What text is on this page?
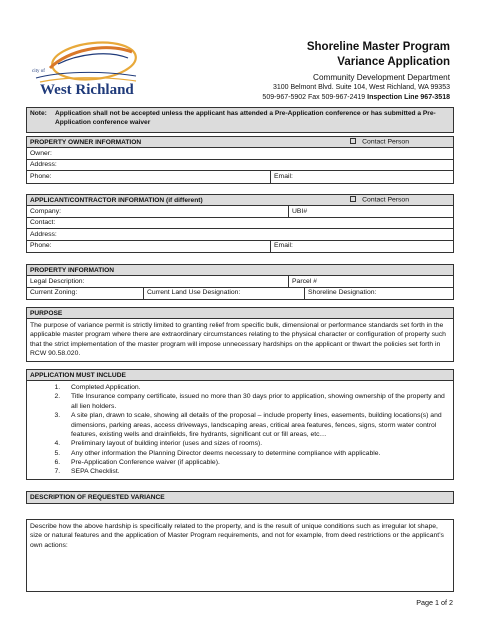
city of
West Richland
Shoreline Master Program
Variance Application
Community Development Department
3100 Belmont Blvd. Suite 104, West Richland, WA 99353
509-967-5902 Fax 509-967-2419 Inspection Line 967-3518
Note: Application shall not be accepted unless the applicant has attended a Pre-Application conference or has submitted a Pre-Application conference waiver
PROPERTY OWNER INFORMATION	Contact Person
Owner:
Address:
Phone:	Email:
APPLICANT/CONTRACTOR INFORMATION (if different)	Contact Person
Company:	UBI#
Contact:
Address:
Phone:	Email:
PROPERTY INFORMATION
Legal Description:	Parcel #
Current Zoning:	Current Land Use Designation:	Shoreline Designation:
PURPOSE
The purpose of variance permit is strictly limited to granting relief from specific bulk, dimensional or performance standards set forth in the applicable master program where there are extraordinary circumstances relating to the physical character or configuration of property such that the strict implementation of the master program will impose unnecessary hardships on the applicant or thwart the policies set forth in RCW 90.58.020.
APPLICATION MUST INCLUDE
1. Completed Application.
2. Title Insurance company certificate, issued no more than 30 days prior to application, showing ownership of the property and all lien holders.
3. A site plan, drawn to scale, showing all details of the proposal – include property lines, easements, building locations(s) and dimensions, parking areas, access driveways, landscaping areas, critical area features, fences, signs, storm water control features, existing wells and drainfields, fire hydrants, significant cut or fill areas, etc…
4. Preliminary layout of building interior (uses and sizes of rooms).
5. Any other information the Planning Director deems necessary to determine compliance with applicable.
6. Pre-Application Conference waiver (if applicable).
7. SEPA Checklist.
DESCRIPTION OF REQUESTED VARIANCE
Describe how the above hardship is specifically related to the property, and is the result of unique conditions such as irregular lot shape, size or natural features and the application of Master Program requirements, and not for example, from deed restrictions or the applicant’s own actions:
Page 1 of 2
